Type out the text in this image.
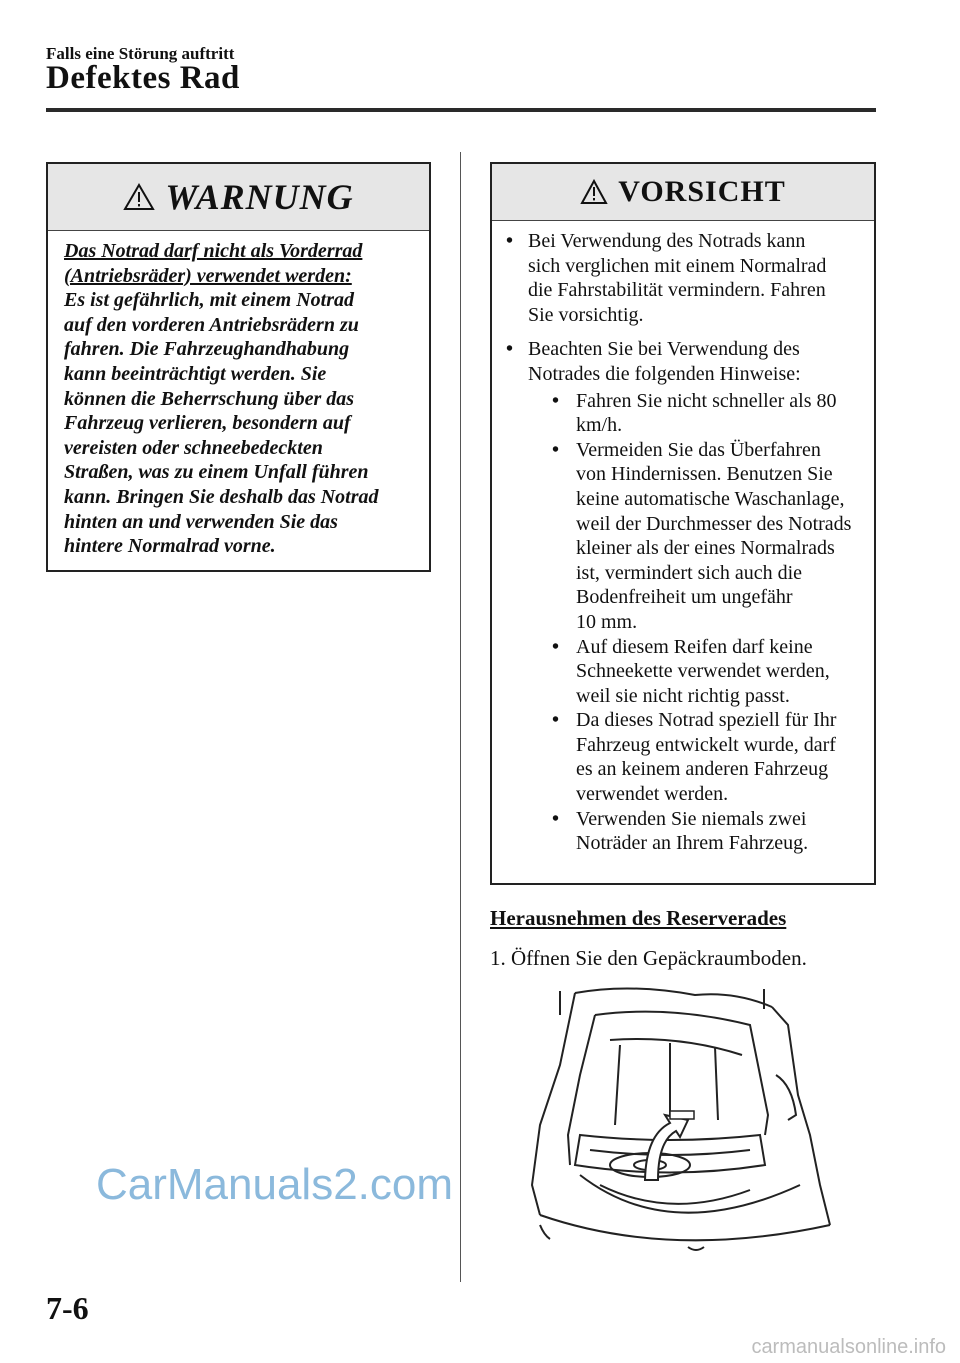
Falls eine Störung auftritt
Defektes Rad
WARNUNG
Das Notrad darf nicht als Vorderrad
(Antriebsräder) verwendet werden:
Es ist gefährlich, mit einem Notrad
auf den vorderen Antriebsrädern zu
fahren. Die Fahrzeughandhabung
kann beeinträchtigt werden. Sie
können die Beherrschung über das
Fahrzeug verlieren, besondern auf
vereisten oder schneebedeckten
Straßen, was zu einem Unfall führen
kann. Bringen Sie deshalb das Notrad
hinten an und verwenden Sie das
hintere Normalrad vorne.
VORSICHT
• Bei Verwendung des Notrads kann
sich verglichen mit einem Normalrad
die Fahrstabilität vermindern. Fahren
Sie vorsichtig.
• Beachten Sie bei Verwendung des
Notrades die folgenden Hinweise:
• Fahren Sie nicht schneller als 80
km/h.
• Vermeiden Sie das Überfahren
von Hindernissen. Benutzen Sie
keine automatische Waschanlage,
weil der Durchmesser des Notrads
kleiner als der eines Normalrads
ist, vermindert sich auch die
Bodenfreiheit um ungefähr
10 mm.
• Auf diesem Reifen darf keine
Schneekette verwendet werden,
weil sie nicht richtig passt.
• Da dieses Notrad speziell für Ihr
Fahrzeug entwickelt wurde, darf
es an keinem anderen Fahrzeug
verwendet werden.
• Verwenden Sie niemals zwei
Noträder an Ihrem Fahrzeug.
Herausnehmen des Reserverades
1. Öffnen Sie den Gepäckraumboden.
CarManuals2.com
7-6
carmanualsonline.info
